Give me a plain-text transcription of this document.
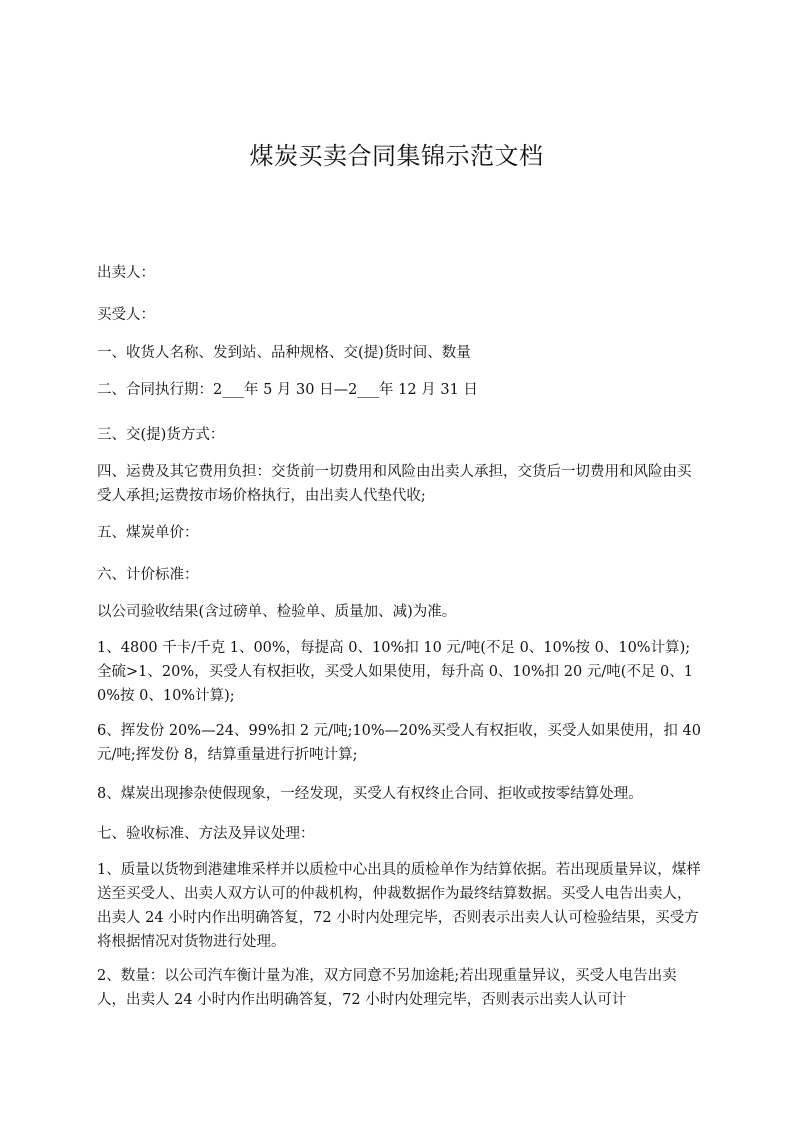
煤炭买卖合同集锦示范文档
出卖人：
买受人：
一、收货人名称、发到站、品种规格、交(提)货时间、数量
二、合同执行期：2___年 5 月 30 日—2___年 12 月 31 日
三、交(提)货方式：
四、运费及其它费用负担：交货前一切费用和风险由出卖人承担，交货后一切费用和风险由买受人承担;运费按市场价格执行，由出卖人代垫代收;
五、煤炭单价：
六、计价标准：
以公司验收结果(含过磅单、检验单、质量加、减)为准。
1、4800 千卡/千克 1、00%，每提高 0、10%扣 10 元/吨(不足 0、10%按 0、10%计算);全硫>1、20%，买受人有权拒收，买受人如果使用，每升高 0、10%扣 20 元/吨(不足 0、10%按 0、10%计算);
6、挥发份 20%—24、99%扣 2 元/吨;10%—20%买受人有权拒收，买受人如果使用，扣 40 元/吨;挥发份 8，结算重量进行折吨计算;
8、煤炭出现掺杂使假现象，一经发现，买受人有权终止合同、拒收或按零结算处理。
七、验收标准、方法及异议处理：
1、质量以货物到港建堆采样并以质检中心出具的质检单作为结算依据。若出现质量异议，煤样送至买受人、出卖人双方认可的仲裁机构，仲裁数据作为最终结算数据。买受人电告出卖人，出卖人 24 小时内作出明确答复，72 小时内处理完毕，否则表示出卖人认可检验结果，买受方将根据情况对货物进行处理。
2、数量：以公司汽车衡计量为准，双方同意不另加途耗;若出现重量异议，买受人电告出卖人，出卖人 24 小时内作出明确答复，72 小时内处理完毕，否则表示出卖人认可计
